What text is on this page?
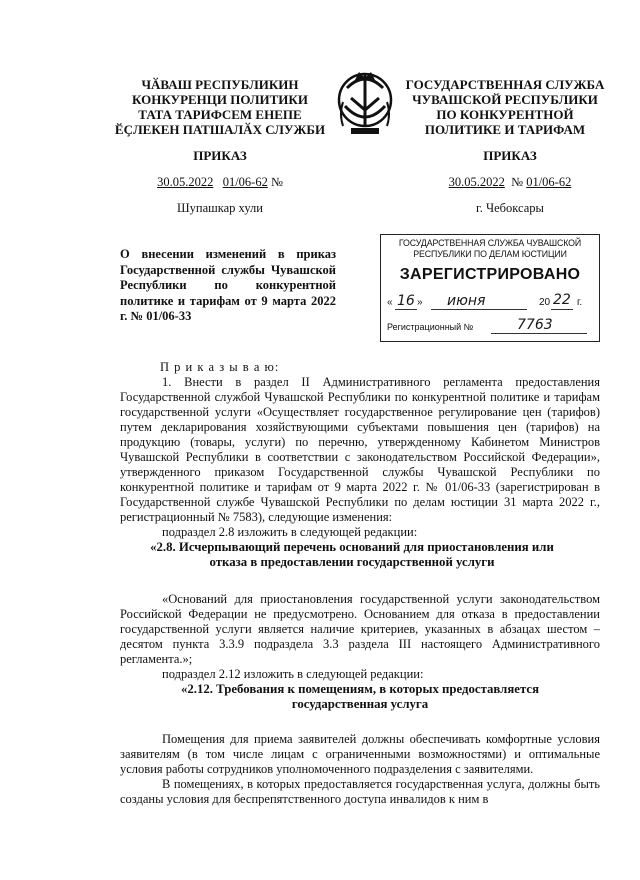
ЧӐВАШ РЕСПУБЛИКИН
КОНКУРЕНЦИ ПОЛИТИКИ
ТАТА ТАРИФСЕМ ЕНЕПЕ
ӖҪЛЕКЕН ПАТШАЛӐХ СЛУЖБИ
ГОСУДАРСТВЕННАЯ СЛУЖБА
ЧУВАШСКОЙ РЕСПУБЛИКИ
ПО КОНКУРЕНТНОЙ
ПОЛИТИКЕ И ТАРИФАМ
ПРИКАЗ	ПРИКАЗ
30.05.2022 01/06-62 №	30.05.2022 № 01/06-62
Шупашкар хули	г. Чебоксары
О внесении изменений в приказ Государственной службы Чувашской Республики по конкурентной политике и тарифам от 9 марта 2022 г. № 01/06-33
ГОСУДАРСТВЕННАЯ СЛУЖБА ЧУВАШСКОЙ
РЕСПУБЛИКИ ПО ДЕЛАМ ЮСТИЦИИ
ЗАРЕГИСТРИРОВАНО
« 16 » июня	20 22 г.
Регистрационный №	7763

П р и к а з ы в а ю:

1. Внести в раздел II Административного регламента предоставления Государственной службой Чувашской Республики по конкурентной политике и тарифам государственной услуги «Осуществляет государственное регулирование цен (тарифов) путем декларирования хозяйствующими субъектами повышения цен (тарифов) на продукцию (товары, услуги) по перечню, утвержденному Кабинетом Министров Чувашской Республики в соответствии с законодательством Российской Федерации», утвержденного приказом Государственной службы Чувашской Республики по конкурентной политике и тарифам от 9 марта 2022 г. № 01/06-33 (зарегистрирован в Государственной службе Чувашской Республики по делам юстиции 31 марта 2022 г., регистрационный № 7583), следующие изменения:

подраздел 2.8 изложить в следующей редакции:

«2.8. Исчерпывающий перечень оснований для приостановления или отказа в предоставлении государственной услуги

«Оснований для приостановления государственной услуги законодательством Российской Федерации не предусмотрено. Основанием для отказа в предоставлении государственной услуги является наличие критериев, указанных в абзацах шестом – десятом пункта 3.3.9 подраздела 3.3 раздела III настоящего Административного регламента.»;

подраздел 2.12 изложить в следующей редакции:

«2.12. Требования к помещениям, в которых предоставляется государственная услуга

Помещения для приема заявителей должны обеспечивать комфортные условия заявителям (в том числе лицам с ограниченными возможностями) и оптимальные условия работы сотрудников уполномоченного подразделения с заявителями.

В помещениях, в которых предоставляется государственная услуга, должны быть созданы условия для беспрепятственного доступа инвалидов к ним в
